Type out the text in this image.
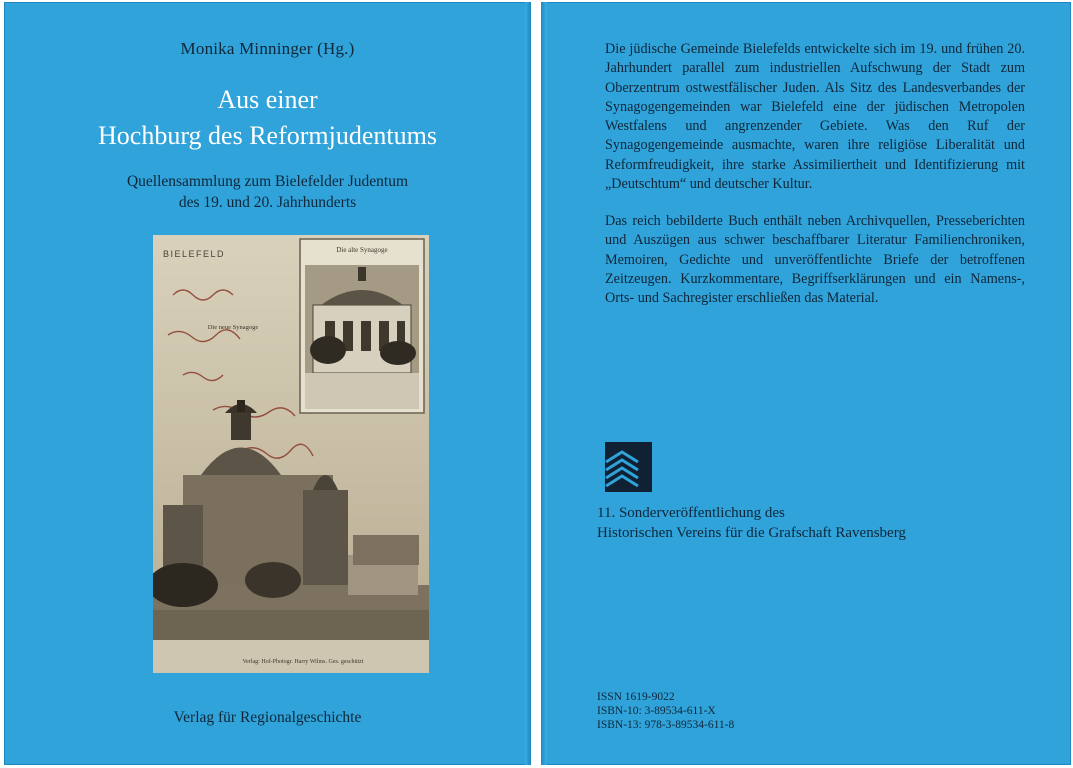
Monika Minninger (Hg.)
Aus einer
Hochburg des Reformjudentums
Quellensammlung zum Bielefelder Judentum
des 19. und 20. Jahrhunderts
Die alte Synagoge
BIELEFELD
Die neue Synagoge
Verlag: Hof-Photogr. Harry Wilms. Ges. geschützt
Verlag für Regionalgeschichte

Die jüdische Gemeinde Bielefelds entwickelte sich im 19. und frühen 20. Jahrhundert parallel zum industriellen Aufschwung der Stadt zum Oberzentrum ostwestfälischer Juden. Als Sitz des Landesverbandes der Synagogengemeinden war Bielefeld eine der jüdischen Metropolen Westfalens und angrenzender Gebiete. Was den Ruf der Synagogengemeinde ausmachte, waren ihre religiöse Liberalität und Reformfreudigkeit, ihre starke Assimiliertheit und Identifizierung mit „Deutschtum“ und deutscher Kultur.

Das reich bebilderte Buch enthält neben Archivquellen, Presseberichten und Auszügen aus schwer beschaffbarer Literatur Familienchroniken, Memoiren, Gedichte und unveröffentlichte Briefe der betroffenen Zeitzeugen. Kurzkommentare, Begriffserklärungen und ein Namens-, Orts- und Sachregister erschließen das Material.

11. Sonderveröffentlichung des
Historischen Vereins für die Grafschaft Ravensberg
ISSN 1619-9022
ISBN-10: 3-89534-611-X
ISBN-13: 978-3-89534-611-8
